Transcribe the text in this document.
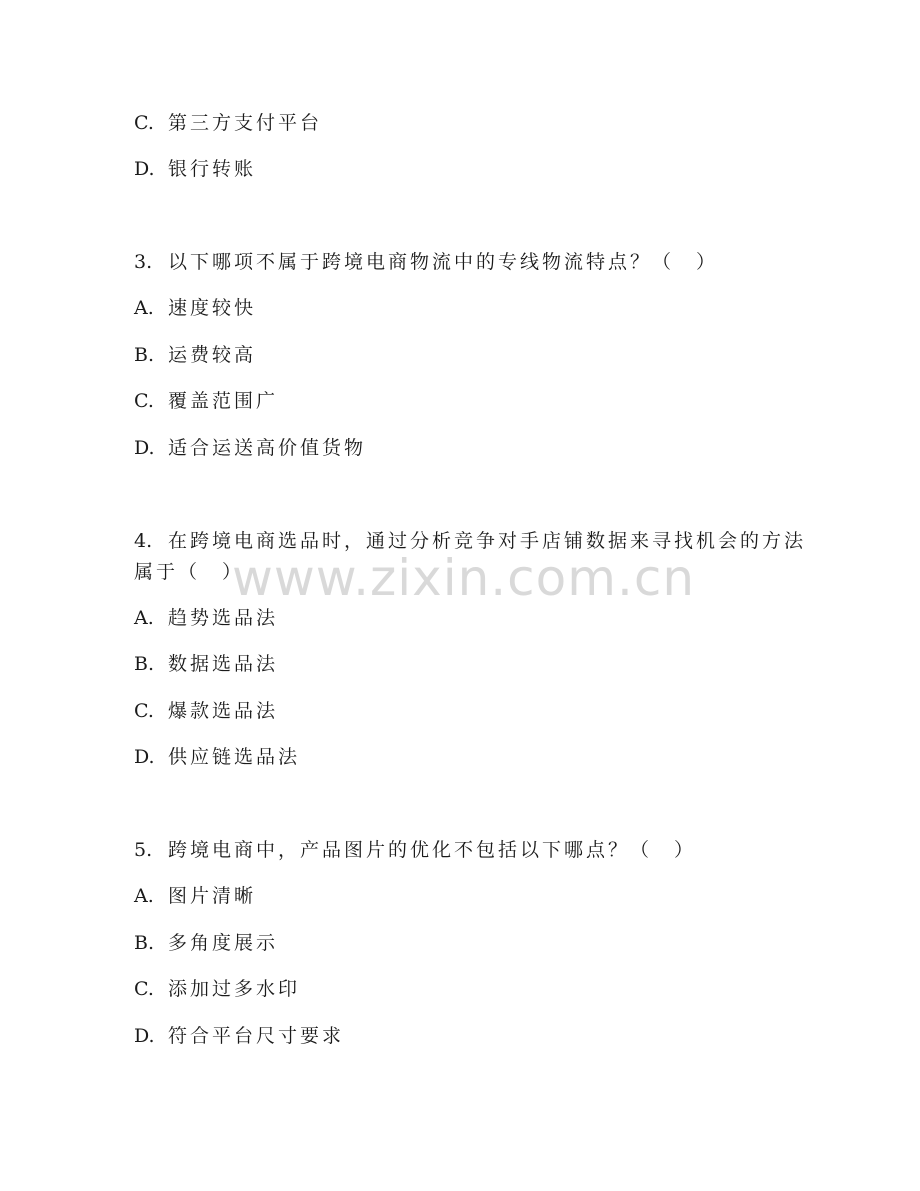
C. 第三方支付平台
D. 银行转账
3. 以下哪项不属于跨境电商物流中的专线物流特点？（　）
A. 速度较快
B. 运费较高
C. 覆盖范围广
D. 适合运送高价值货物
4. 在跨境电商选品时，通过分析竞争对手店铺数据来寻找机会的方法
属于（　）
A. 趋势选品法
B. 数据选品法
C. 爆款选品法
D. 供应链选品法
5. 跨境电商中，产品图片的优化不包括以下哪点？（　）
A. 图片清晰
B. 多角度展示
C. 添加过多水印
D. 符合平台尺寸要求
www.zixin.com.cn
